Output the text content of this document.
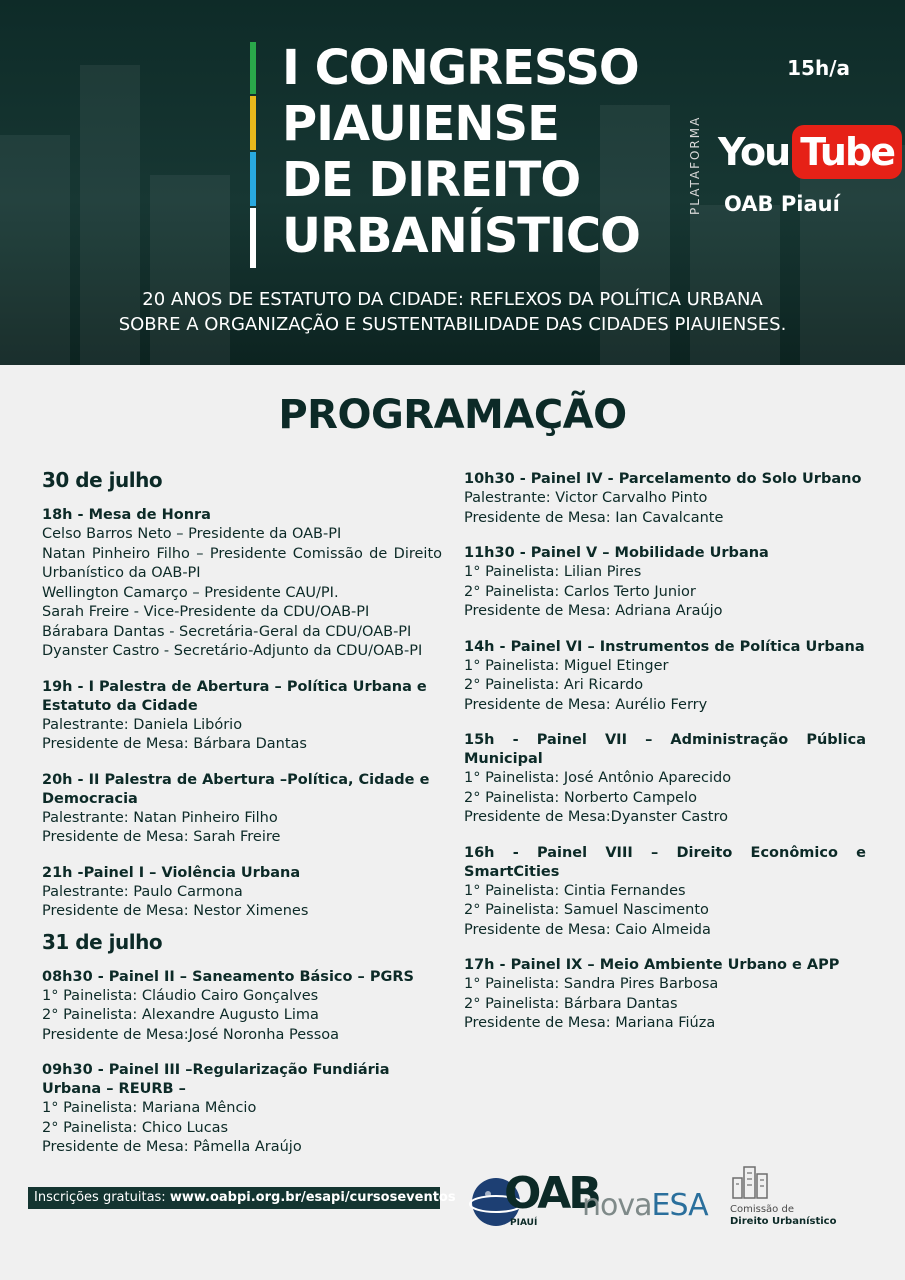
I CONGRESSO
PIAUIENSE
DE DIREITO
URBANÍSTICO
15h/a
PLATAFORMA You Tube
OAB Piauí
20 ANOS DE ESTATUTO DA CIDADE: REFLEXOS DA POLÍTICA URBANA
SOBRE A ORGANIZAÇÃO E SUSTENTABILIDADE DAS CIDADES PIAUIENSES.
PROGRAMAÇÃO
30 de julho
18h - Mesa de Honra
Celso Barros Neto – Presidente da OAB-PI
Natan Pinheiro Filho – Presidente Comissão de Direito Urbanístico da OAB-PI
Wellington Camarço – Presidente CAU/PI.
Sarah Freire - Vice-Presidente da CDU/OAB-PI
Bárabara Dantas - Secretária-Geral da CDU/OAB-PI
Dyanster Castro - Secretário-Adjunto da CDU/OAB-PI
19h - I Palestra de Abertura – Política Urbana e Estatuto da Cidade
Palestrante: Daniela Libório
Presidente de Mesa: Bárbara Dantas
20h - II Palestra de Abertura –Política, Cidade e Democracia
Palestrante: Natan Pinheiro Filho
Presidente de Mesa: Sarah Freire
21h -Painel I – Violência Urbana
Palestrante: Paulo Carmona
Presidente de Mesa: Nestor Ximenes
31 de julho
08h30 - Painel II – Saneamento Básico – PGRS
1° Painelista: Cláudio Cairo Gonçalves
2° Painelista: Alexandre Augusto Lima
Presidente de Mesa:José Noronha Pessoa
09h30 - Painel III –Regularização Fundiária Urbana – REURB –
1° Painelista: Mariana Mêncio
2° Painelista: Chico Lucas
Presidente de Mesa: Pâmella Araújo
10h30 - Painel IV - Parcelamento do Solo Urbano
Palestrante: Victor Carvalho Pinto
Presidente de Mesa: Ian Cavalcante
11h30 - Painel V – Mobilidade Urbana
1° Painelista: Lilian Pires
2° Painelista: Carlos Terto Junior
Presidente de Mesa: Adriana Araújo
14h - Painel VI – Instrumentos de Política Urbana
1° Painelista: Miguel Etinger
2° Painelista: Ari Ricardo
Presidente de Mesa: Aurélio Ferry
15h - Painel VII – Administração Pública Municipal
1° Painelista: José Antônio Aparecido
2° Painelista: Norberto Campelo
Presidente de Mesa:Dyanster Castro
16h - Painel VIII – Direito Econômico e SmartCities
1° Painelista: Cintia Fernandes
2° Painelista: Samuel Nascimento
Presidente de Mesa: Caio Almeida
17h - Painel IX – Meio Ambiente Urbano e APP
1° Painelista: Sandra Pires Barbosa
2° Painelista: Bárbara Dantas
Presidente de Mesa: Mariana Fiúza
Inscrições gratuitas: www.oabpi.org.br/esapi/cursoseventos OAB
PIAUÍ novaESA Comissão de
Direito Urbanístico
